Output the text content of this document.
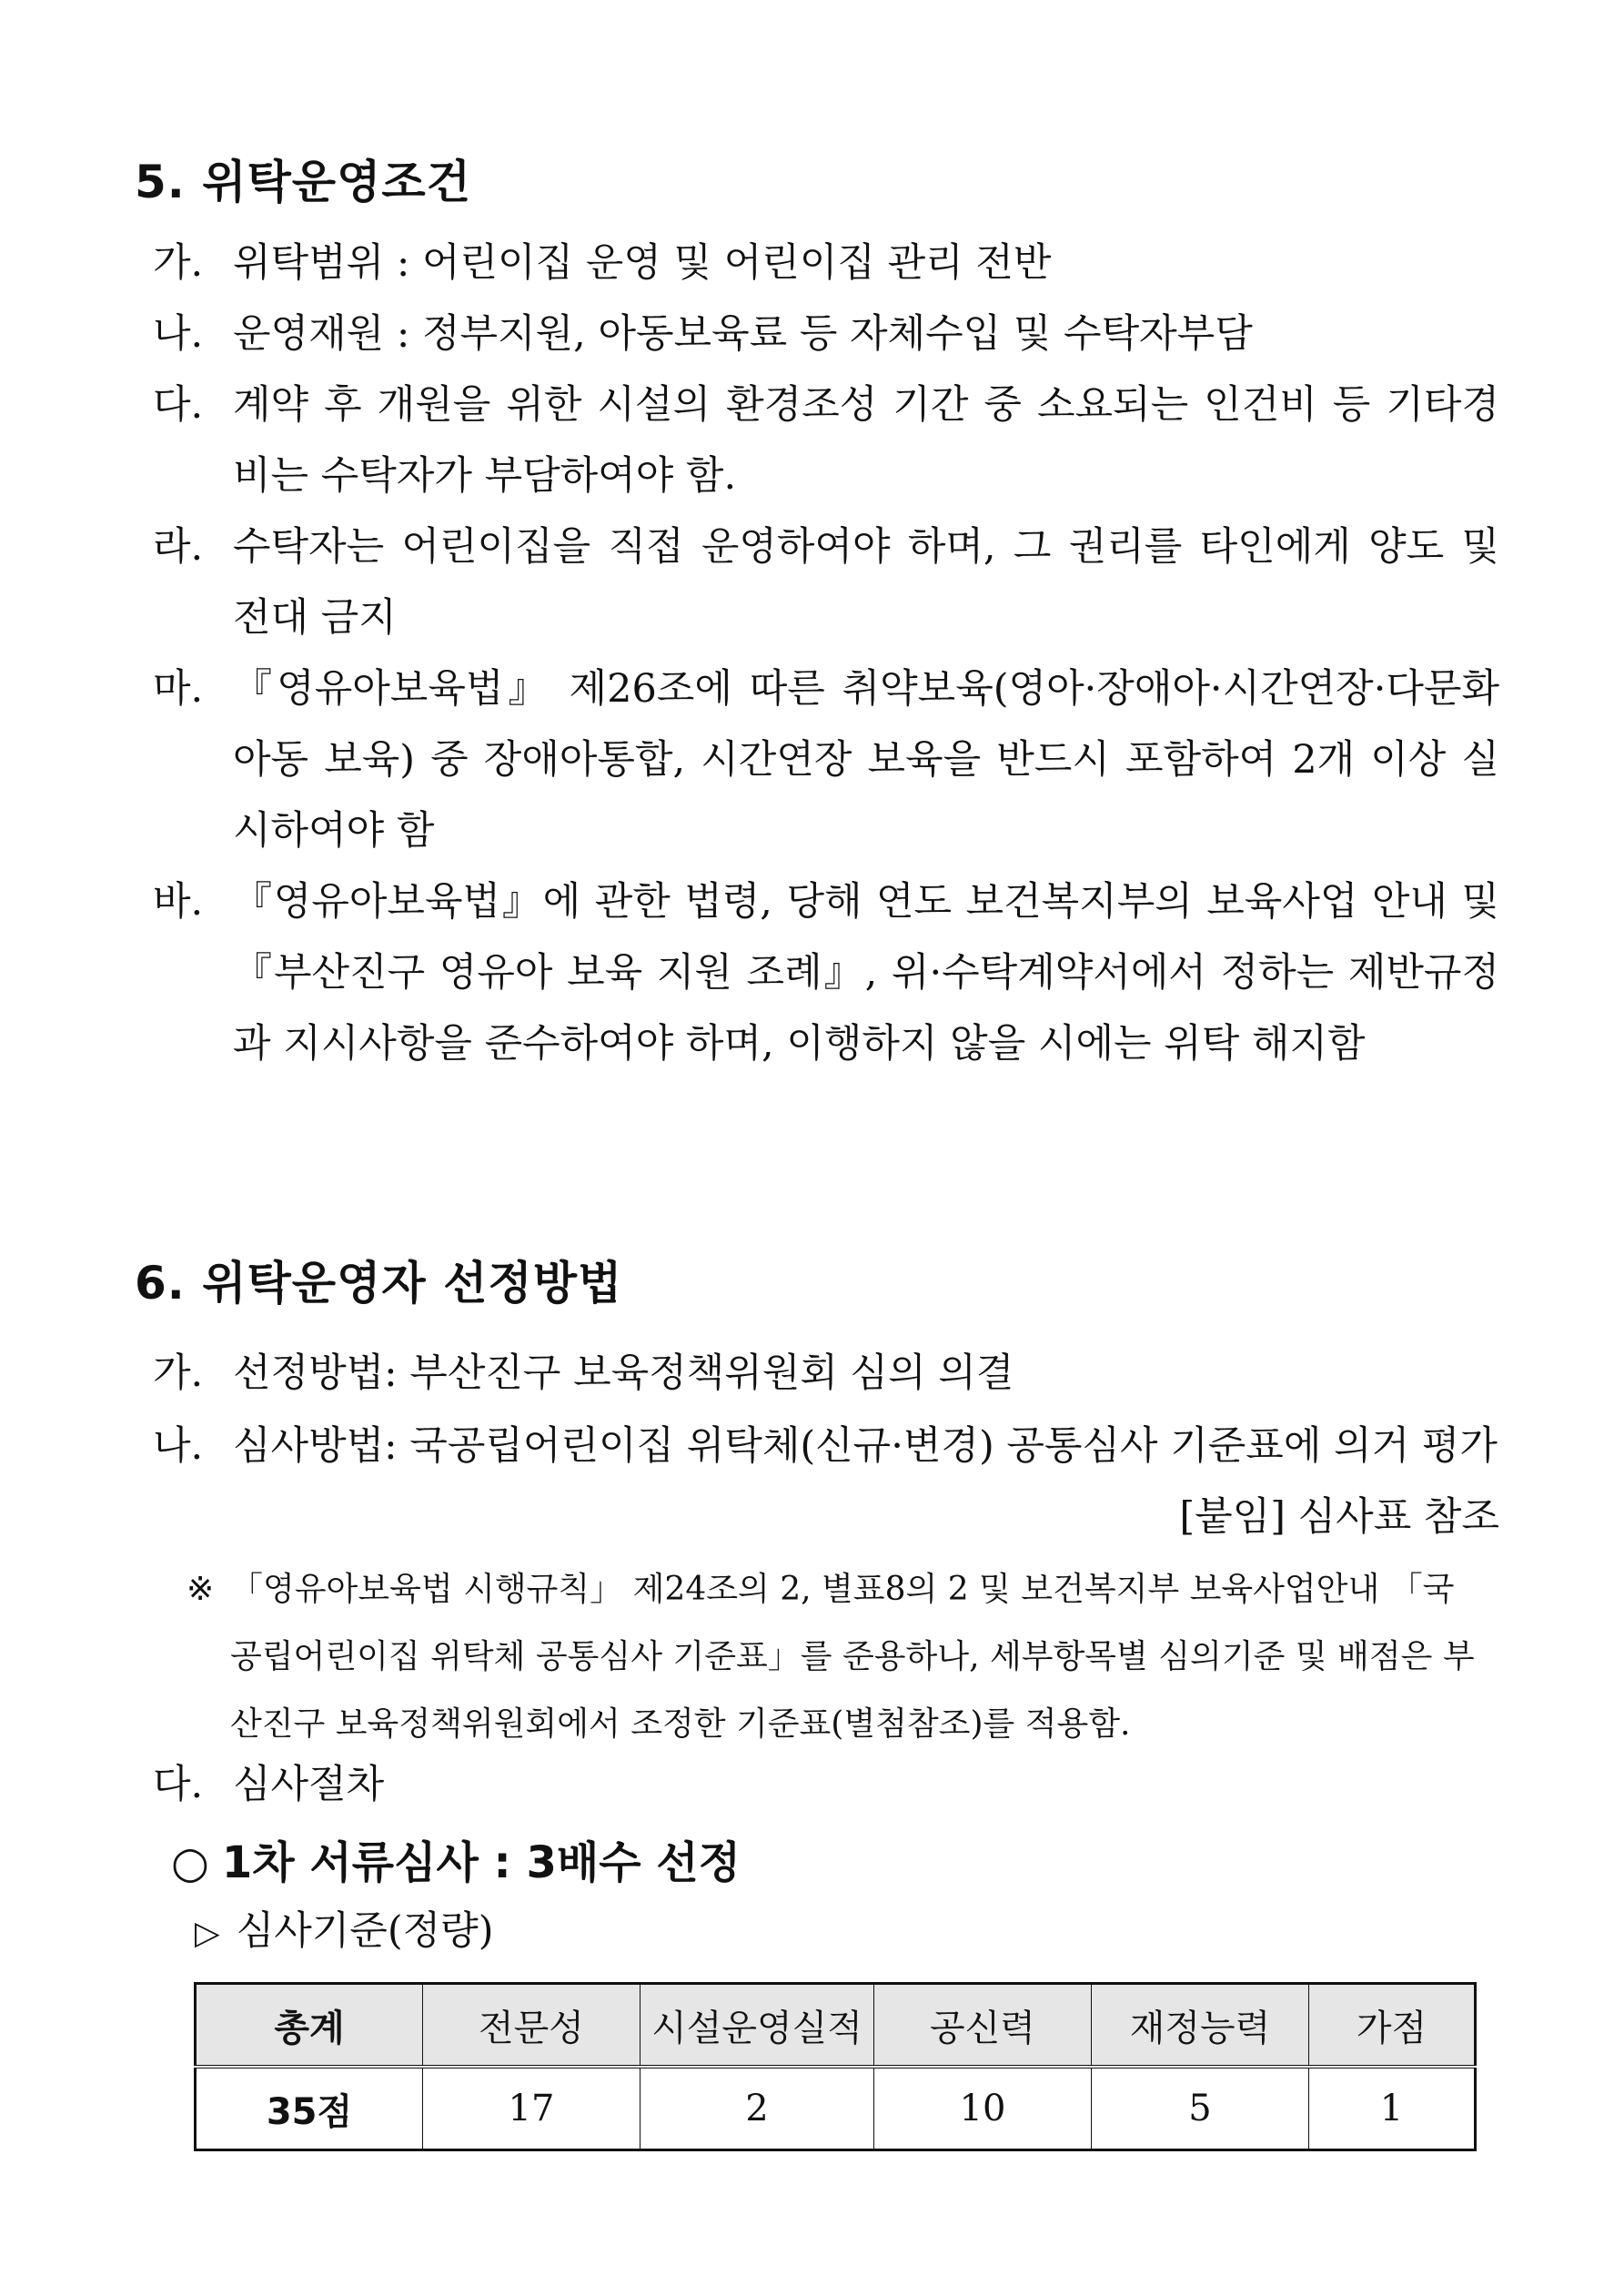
5. 위탁운영조건
가. 위탁범위 : 어린이집 운영 및 어린이집 관리 전반
나. 운영재원 : 정부지원, 아동보육료 등 자체수입 및 수탁자부담
다. 계약 후 개원을 위한 시설의 환경조성 기간 중 소요되는 인건비 등 기타경비는 수탁자가 부담하여야 함.
라. 수탁자는 어린이집을 직접 운영하여야 하며, 그 권리를 타인에게 양도 및 전대 금지
마. 『영유아보육법』 제26조에 따른 취약보육(영아·장애아·시간연장·다문화아동 보육) 중 장애아통합, 시간연장 보육을 반드시 포함하여 2개 이상 실시하여야 함
바. 『영유아보육법』에 관한 법령, 당해 연도 보건복지부의 보육사업 안내 및 『부산진구 영유아 보육 지원 조례』, 위·수탁계약서에서 정하는 제반규정과 지시사항을 준수하여야 하며, 이행하지 않을 시에는 위탁 해지함
6. 위탁운영자 선정방법
가. 선정방법: 부산진구 보육정책위원회 심의 의결
나. 심사방법: 국공립어린이집 위탁체(신규·변경) 공통심사 기준표에 의거 평가
[붙임] 심사표 참조
※ 「영유아보육법 시행규칙」 제24조의 2, 별표8의 2 및 보건복지부 보육사업안내 「국공립어린이집 위탁체 공통심사 기준표」를 준용하나, 세부항목별 심의기준 및 배점은 부산진구 보육정책위원회에서 조정한 기준표(별첨참조)를 적용함.
다. 심사절차
○ 1차 서류심사 : 3배수 선정
▷ 심사기준(정량)
총계	전문성	시설운영실적	공신력	재정능력	가점
35점	17	2	10	5	1
